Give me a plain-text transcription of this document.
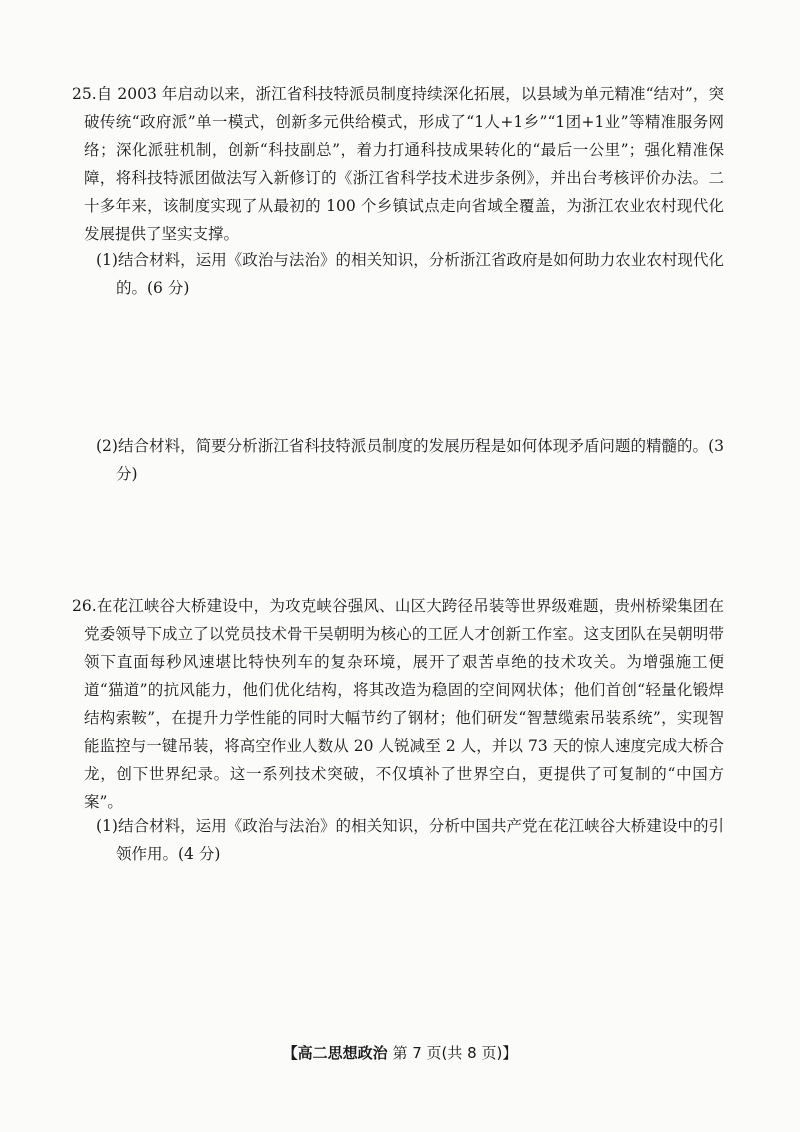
25.自 2003 年启动以来，浙江省科技特派员制度持续深化拓展，以县域为单元精准“结对”，突破传统“政府派”单一模式，创新多元供给模式，形成了“1人+1乡”“1团+1业”等精准服务网络；深化派驻机制，创新“科技副总”，着力打通科技成果转化的“最后一公里”；强化精准保障，将科技特派团做法写入新修订的《浙江省科学技术进步条例》，并出台考核评价办法。二十多年来，该制度实现了从最初的 100 个乡镇试点走向省域全覆盖，为浙江农业农村现代化发展提供了坚实支撑。

(1)结合材料，运用《政治与法治》的相关知识，分析浙江省政府是如何助力农业农村现代化的。(6 分)

(2)结合材料，简要分析浙江省科技特派员制度的发展历程是如何体现矛盾问题的精髓的。(3 分)

26.在花江峡谷大桥建设中，为攻克峡谷强风、山区大跨径吊装等世界级难题，贵州桥梁集团在党委领导下成立了以党员技术骨干吴朝明为核心的工匠人才创新工作室。这支团队在吴朝明带领下直面每秒风速堪比特快列车的复杂环境，展开了艰苦卓绝的技术攻关。为增强施工便道“猫道”的抗风能力，他们优化结构，将其改造为稳固的空间网状体；他们首创“轻量化锻焊结构索鞍”，在提升力学性能的同时大幅节约了钢材；他们研发“智慧缆索吊装系统”，实现智能监控与一键吊装，将高空作业人数从 20 人锐减至 2 人，并以 73 天的惊人速度完成大桥合龙，创下世界纪录。这一系列技术突破，不仅填补了世界空白，更提供了可复制的“中国方案”。

(1)结合材料，运用《政治与法治》的相关知识，分析中国共产党在花江峡谷大桥建设中的引领作用。(4 分)

【高二思想政治 第 7 页(共 8 页)】
